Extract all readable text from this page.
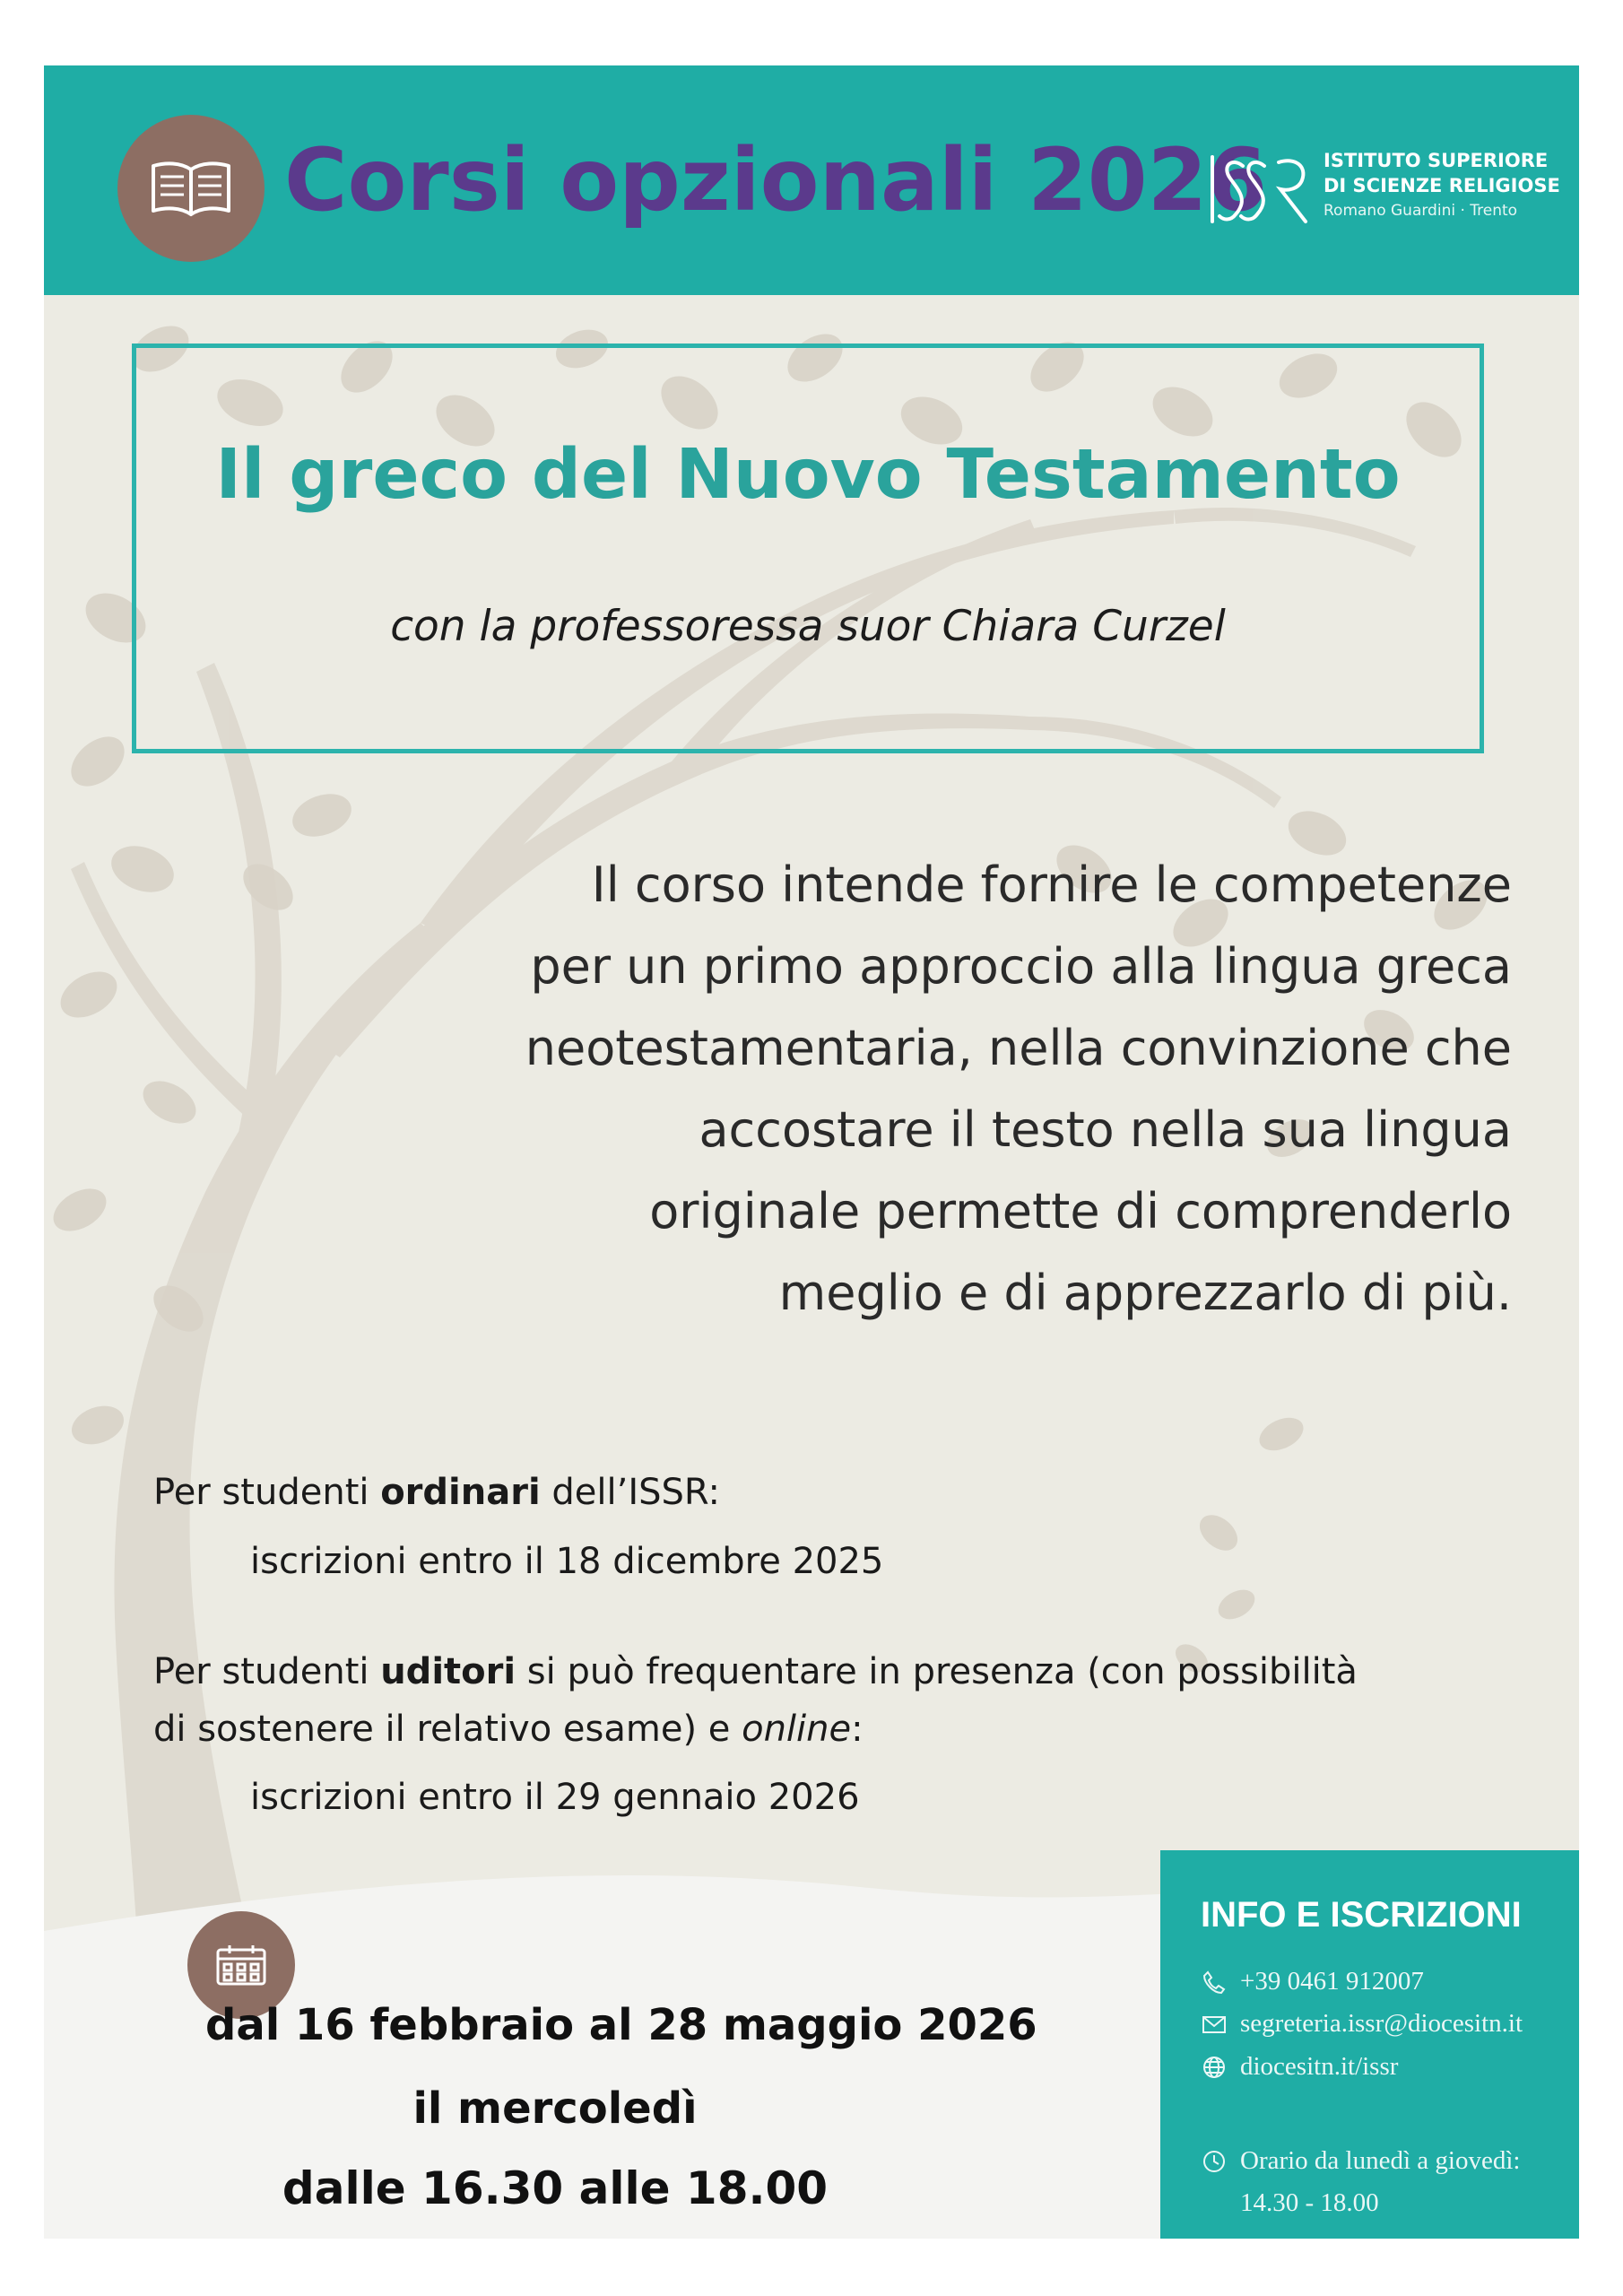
Corsi opzionali 2026	ISTITUTO SUPERIORE
DI SCIENZE RELIGIOSE
Romano Guardini · Trento
Il greco del Nuovo Testamento
con la professoressa suor Chiara Curzel
Il corso intende fornire le competenze
per un primo approccio alla lingua greca
neotestamentaria, nella convinzione che
accostare il testo nella sua lingua
originale permette di comprenderlo
meglio e di apprezzarlo di più.
Per studenti ordinari dell’ISSR:
iscrizioni entro il 18 dicembre 2025
Per studenti uditori si può frequentare in presenza (con possibilità
di sostenere il relativo esame) e online:
iscrizioni entro il 29 gennaio 2026
dal 16 febbraio al 28 maggio 2026
il mercoledì
dalle 16.30 alle 18.00
INFO E ISCRIZIONI
+39 0461 912007
segreteria.issr@diocesitn.it
diocesitn.it/issr
Orario da lunedì a giovedì:
14.30 - 18.00
